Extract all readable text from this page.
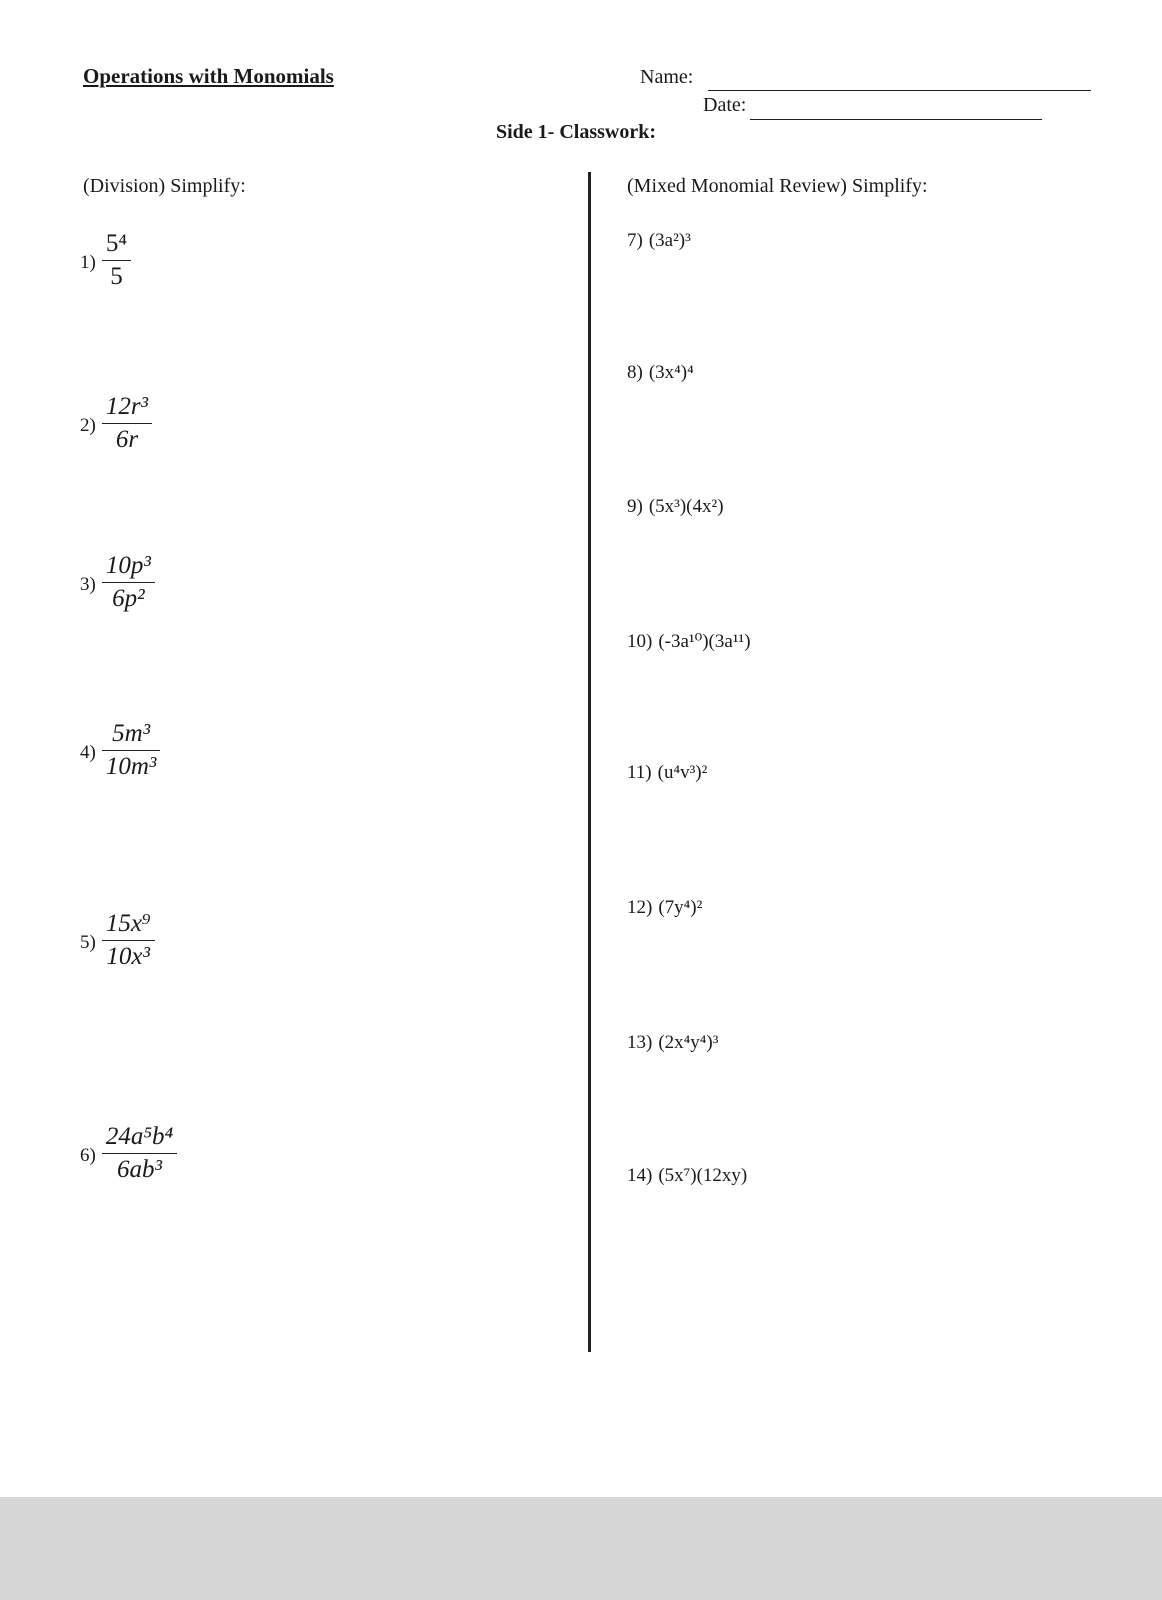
Operations with Monomials	Name:
Date:
Side 1- Classwork:
(Division) Simplify:	(Mixed Monomial Review) Simplify:
$1) \frac{\text{5⁴}}{5}$
$2) \frac{\text{12r³}}{6r}$
$3) \frac{\text{10p³}}{\text{6p²}}$
$4) \frac{\text{5m³}}{\text{10m³}}$
$5) \frac{\text{15x⁹}}{\text{10x³}}$
$6) \frac{\text{24a⁵b⁴}}{\text{6ab³}}$
7) (3a²)³
8) (3x⁴)⁴
9) (5x³)(4x²)
10) (-3a¹⁰)(3a¹¹)
11) (u⁴v³)²
12) (7y⁴)²
13) (2x⁴y⁴)³
14) (5x⁷)(12xy)
